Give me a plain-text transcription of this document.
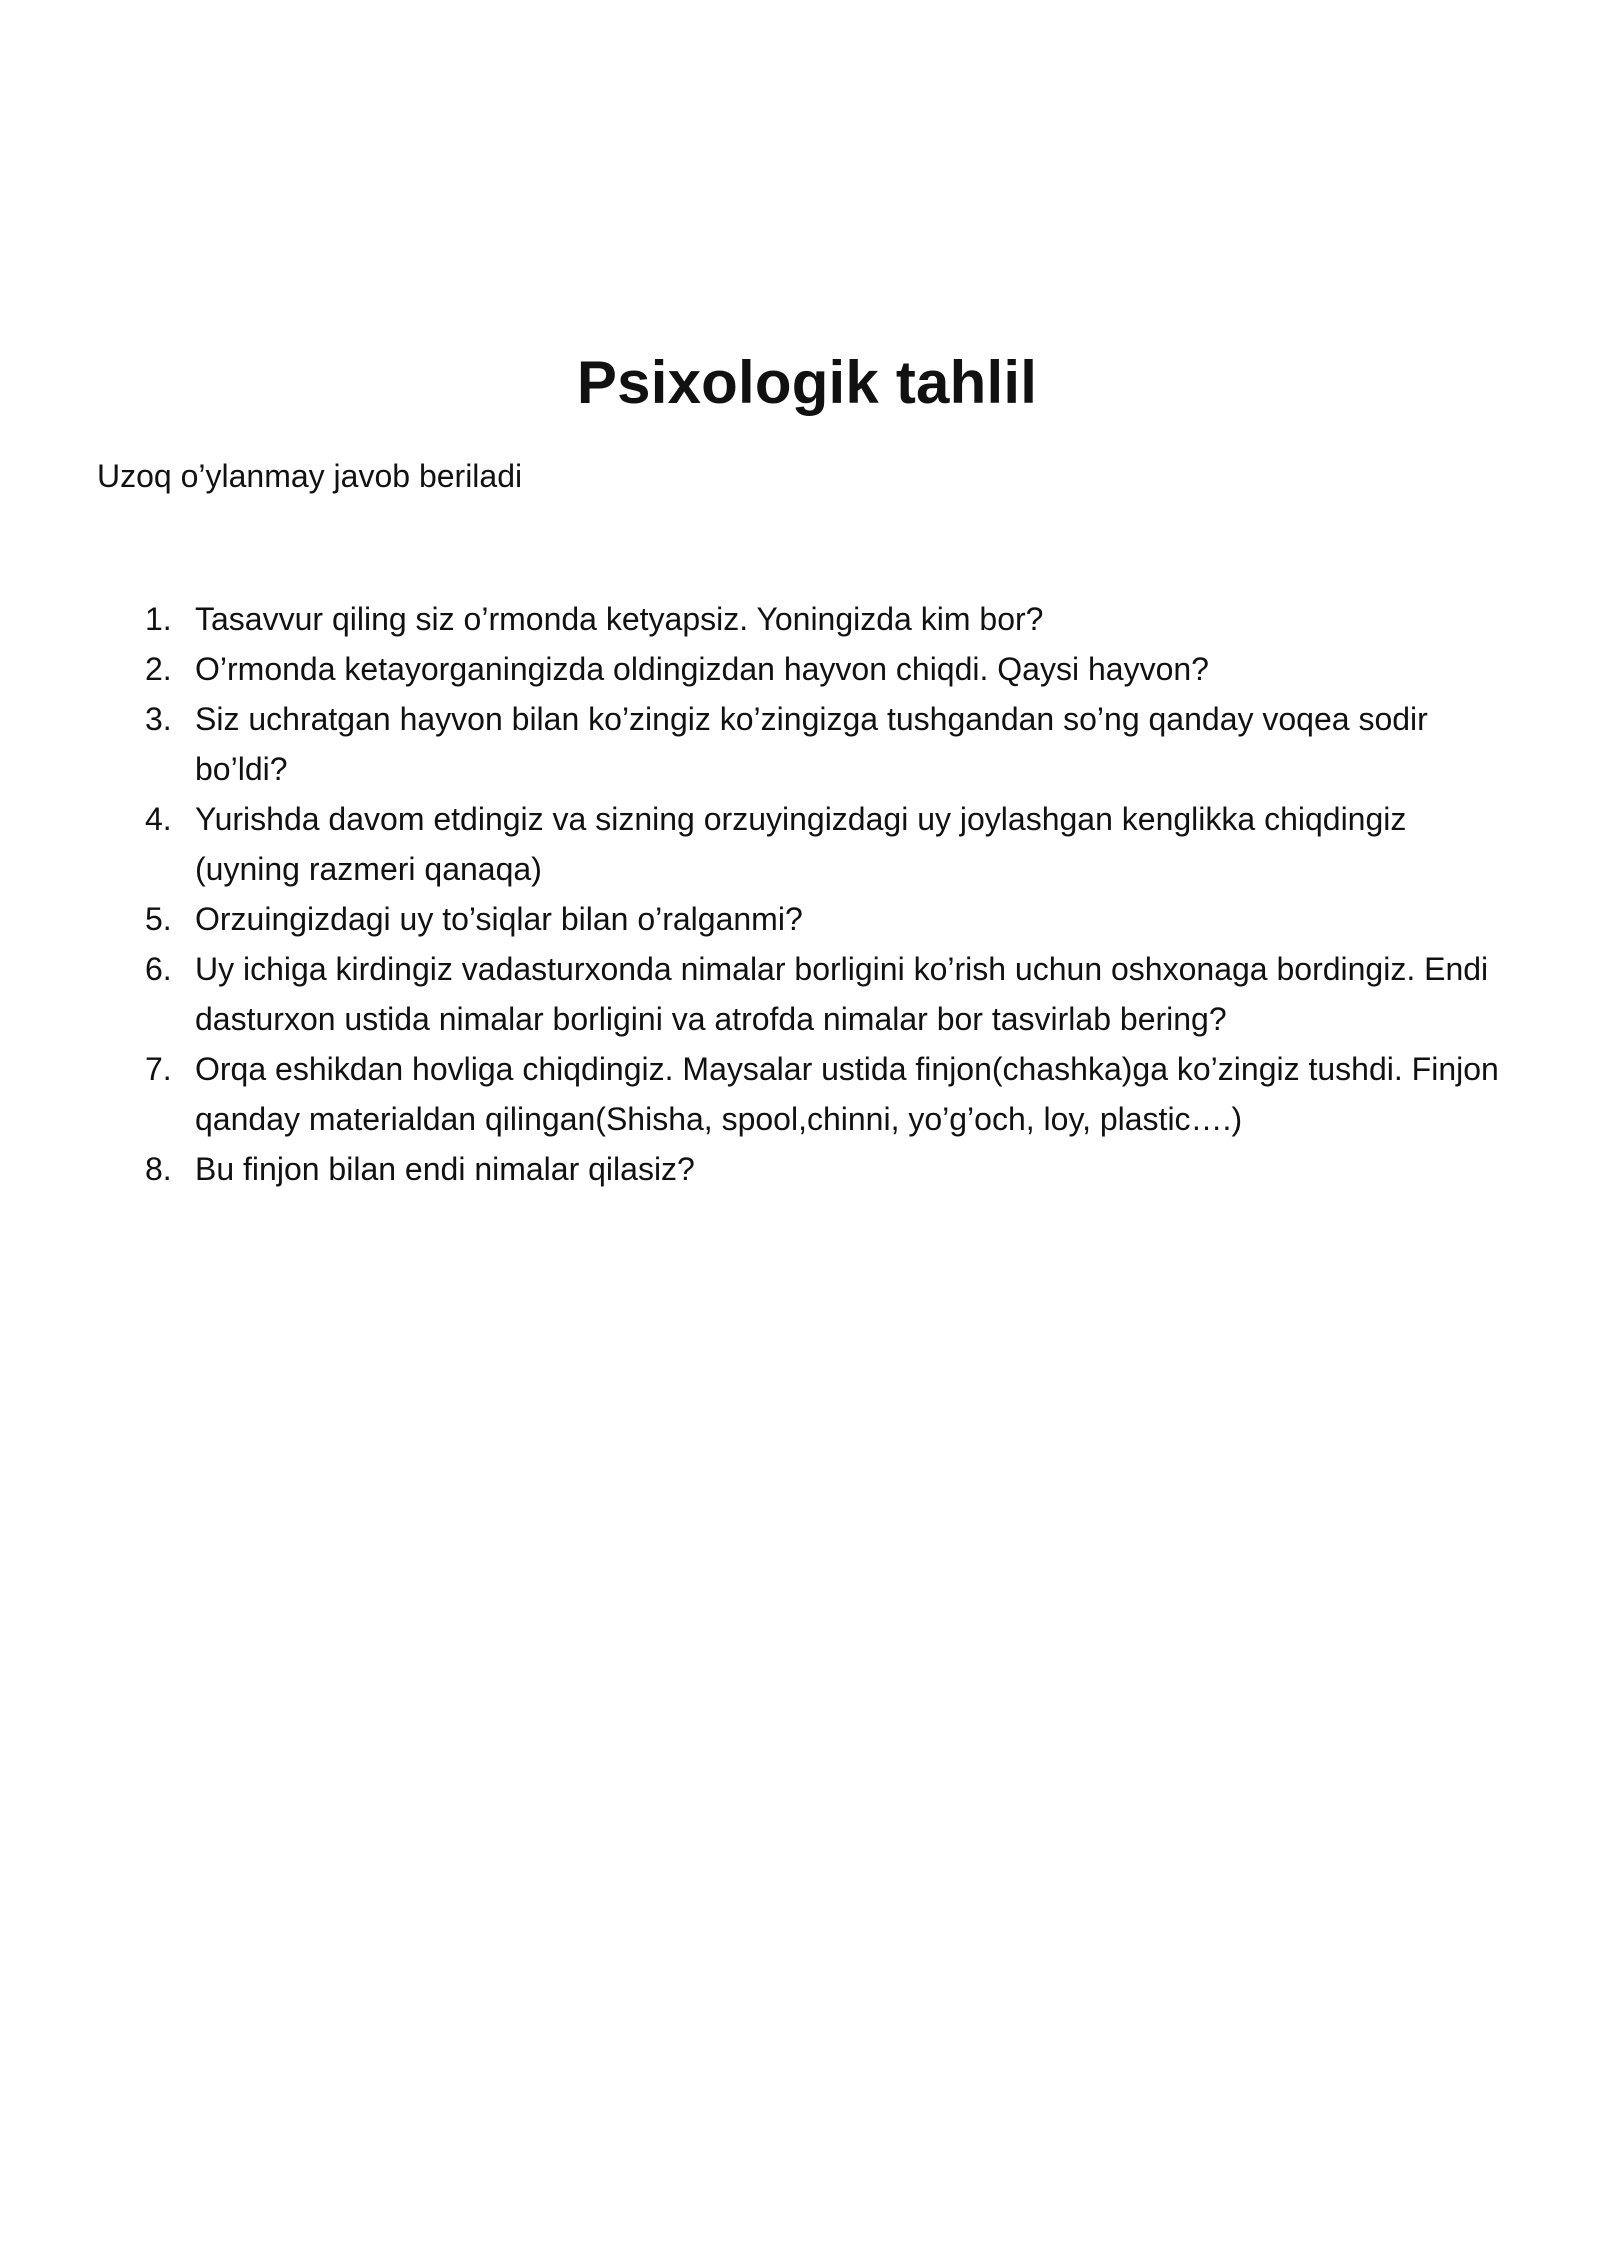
Psixologik tahlil
Uzoq o’ylanmay javob beriladi
1. Tasavvur qiling siz o’rmonda ketyapsiz. Yoningizda kim bor?
2. O’rmonda ketayorganingizda oldingizdan hayvon chiqdi. Qaysi hayvon?
3. Siz uchratgan hayvon bilan ko’zingiz ko’zingizga tushgandan so’ng qanday voqea sodir bo’ldi?
4. Yurishda davom etdingiz va sizning orzuyingizdagi uy joylashgan kenglikka chiqdingiz (uyning razmeri qanaqa)
5. Orzuingizdagi uy to’siqlar bilan o’ralganmi?
6. Uy ichiga kirdingiz vadasturxonda nimalar borligini ko’rish uchun oshxonaga bordingiz. Endi dasturxon ustida nimalar borligini va atrofda nimalar bor tasvirlab bering?
7. Orqa eshikdan hovliga chiqdingiz. Maysalar ustida finjon(chashka)ga ko’zingiz tushdi. Finjon qanday materialdan qilingan(Shisha, spool,chinni, yo’g’och, loy, plastic….)
8. Bu finjon bilan endi nimalar qilasiz?
